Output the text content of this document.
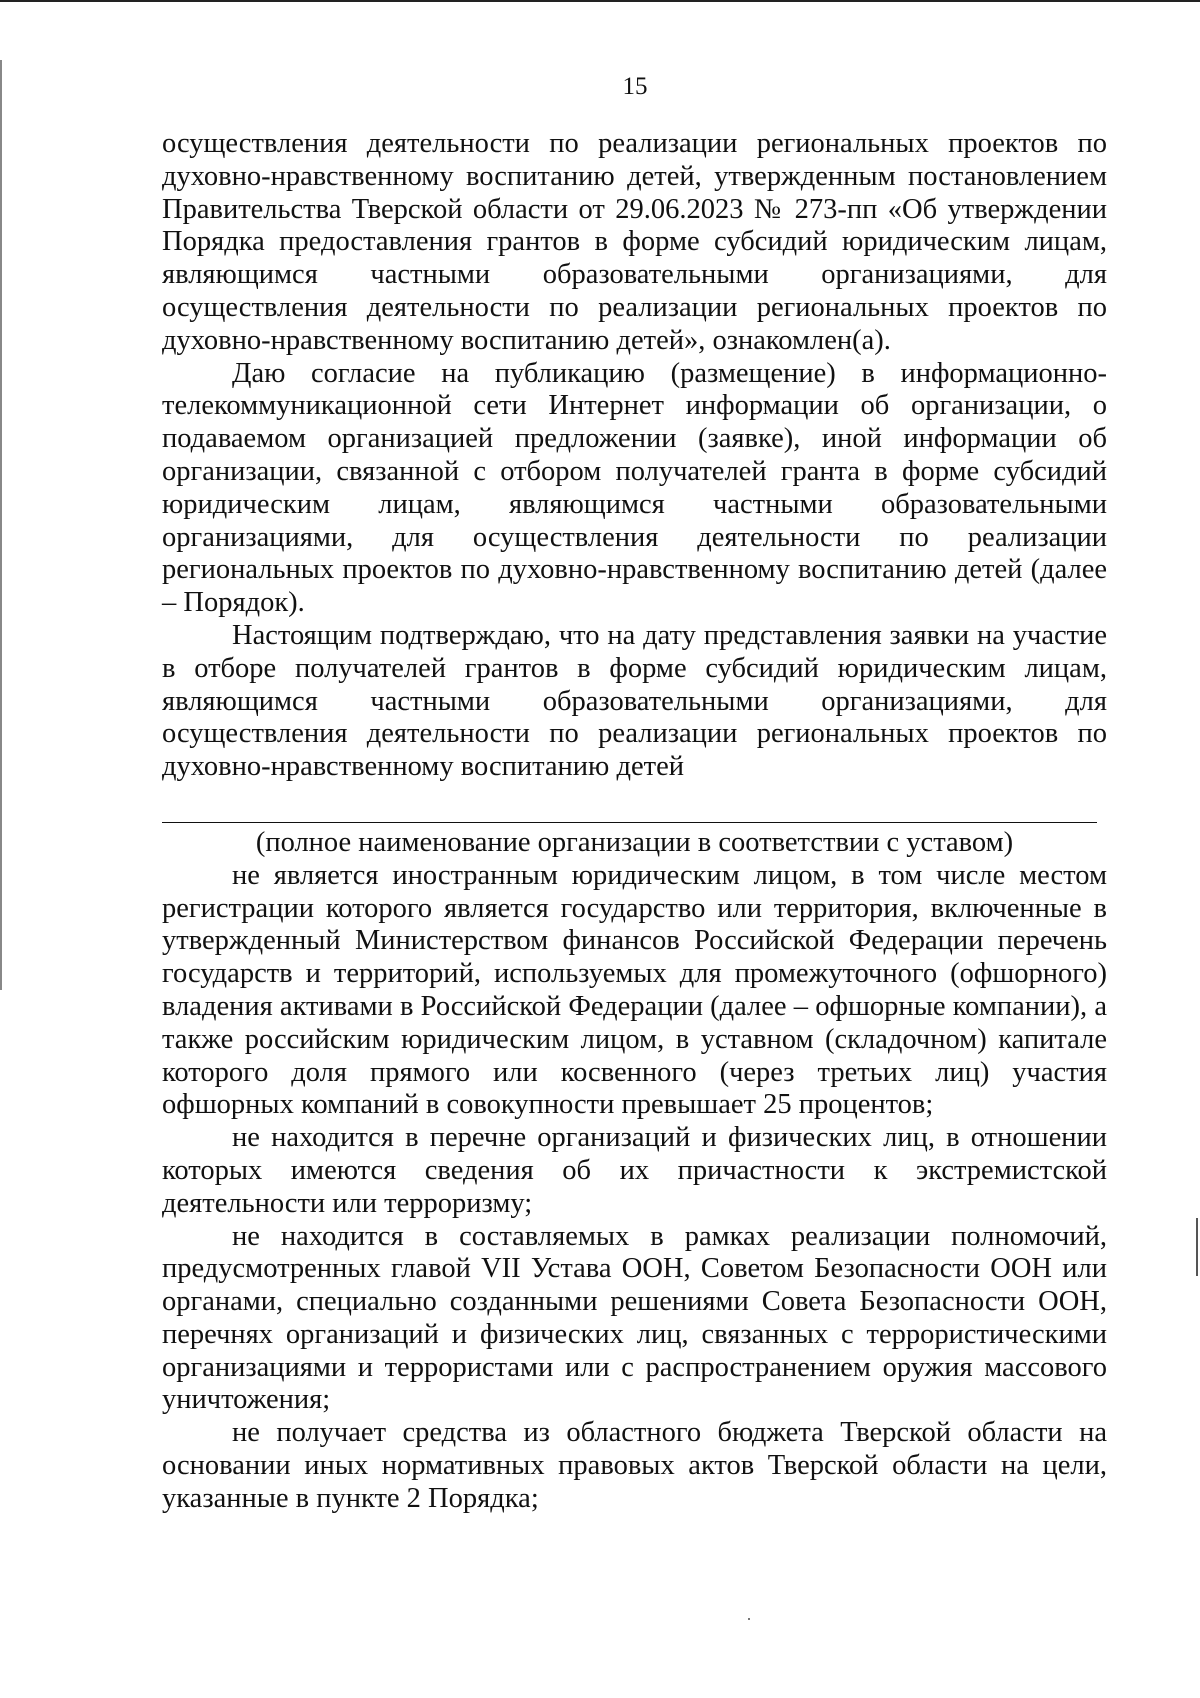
15

осуществления деятельности по реализации региональных проектов по духовно-нравственному воспитанию детей, утвержденным постановлением Правительства Тверской области от 29.06.2023 № 273-пп «Об утверждении Порядка предоставления грантов в форме субсидий юридическим лицам, являющимся частными образовательными организациями, для осуществления деятельности по реализации региональных проектов по духовно-нравственному воспитанию детей», ознакомлен(а).

Даю согласие на публикацию (размещение) в информационно-телекоммуникационной сети Интернет информации об организации, о подаваемом организацией предложении (заявке), иной информации об организации, связанной с отбором получателей гранта в форме субсидий юридическим лицам, являющимся частными образовательными организациями, для осуществления деятельности по реализации региональных проектов по духовно-нравственному воспитанию детей (далее – Порядок).

Настоящим подтверждаю, что на дату представления заявки на участие в отборе получателей грантов в форме субсидий юридическим лицам, являющимся частными образовательными организациями, для осуществления деятельности по реализации региональных проектов по духовно-нравственному воспитанию детей

(полное наименование организации в соответствии с уставом)

не является иностранным юридическим лицом, в том числе местом регистрации которого является государство или территория, включенные в утвержденный Министерством финансов Российской Федерации перечень государств и территорий, используемых для промежуточного (офшорного) владения активами в Российской Федерации (далее – офшорные компании), а также российским юридическим лицом, в уставном (складочном) капитале которого доля прямого или косвенного (через третьих лиц) участия офшорных компаний в совокупности превышает 25 процентов;

не находится в перечне организаций и физических лиц, в отношении которых имеются сведения об их причастности к экстремистской деятельности или терроризму;

не находится в составляемых в рамках реализации полномочий, предусмотренных главой VII Устава ООН, Советом Безопасности ООН или органами, специально созданными решениями Совета Безопасности ООН, перечнях организаций и физических лиц, связанных с террористическими организациями и террористами или с распространением оружия массового уничтожения;

не получает средства из областного бюджета Тверской области на основании иных нормативных правовых актов Тверской области на цели, указанные в пункте 2 Порядка;
